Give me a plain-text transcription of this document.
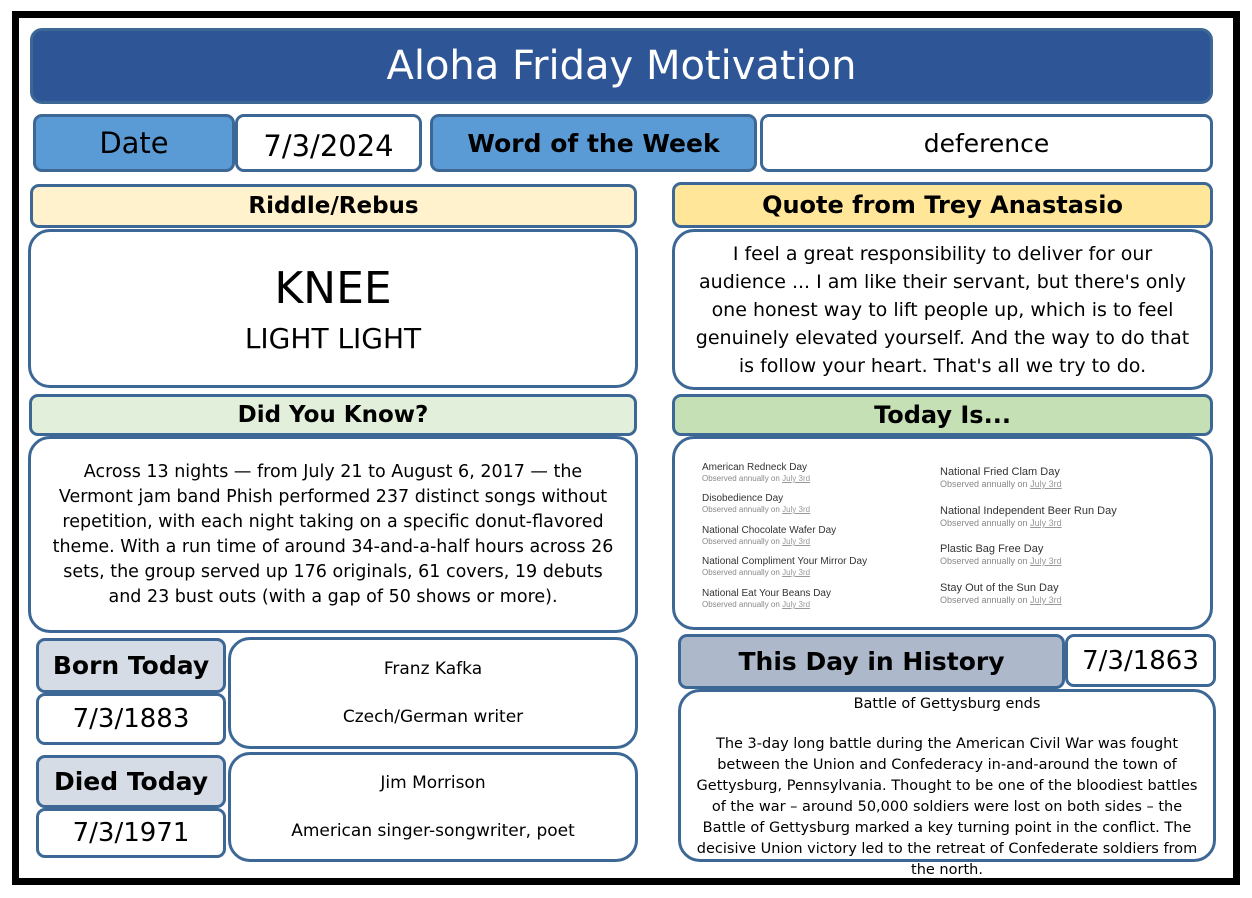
Aloha Friday Motivation
Date	7/3/2024	Word of the Week	deference
Riddle/Rebus
KNEE
LIGHT LIGHT
Quote from Trey Anastasio
I feel a great responsibility to deliver for our audience ... I am like their servant, but there's only one honest way to lift people up, which is to feel genuinely elevated yourself. And the way to do that is follow your heart. That's all we try to do.
Did You Know?
Across 13 nights — from July 21 to August 6, 2017 — the Vermont jam band Phish performed 237 distinct songs without repetition, with each night taking on a specific donut-flavored theme. With a run time of around 34-and-a-half hours across 26 sets, the group served up 176 originals, 61 covers, 19 debuts and 23 bust outs (with a gap of 50 shows or more).
Today Is...
American Redneck Day
Observed annually on July 3rd
Disobedience Day
Observed annually on July 3rd
National Chocolate Wafer Day
Observed annually on July 3rd
National Compliment Your Mirror Day
Observed annually on July 3rd
National Eat Your Beans Day
Observed annually on July 3rd
National Fried Clam Day
Observed annually on July 3rd
National Independent Beer Run Day
Observed annually on July 3rd
Plastic Bag Free Day
Observed annually on July 3rd
Stay Out of the Sun Day
Observed annually on July 3rd
Born Today
7/3/1883
Franz Kafka
Czech/German writer
Died Today
7/3/1971
Jim Morrison
American singer-songwriter, poet
This Day in History	7/3/1863
Battle of Gettysburg ends
The 3-day long battle during the American Civil War was fought between the Union and Confederacy in-and-around the town of Gettysburg, Pennsylvania. Thought to be one of the bloodiest battles of the war – around 50,000 soldiers were lost on both sides – the Battle of Gettysburg marked a key turning point in the conflict. The decisive Union victory led to the retreat of Confederate soldiers from the north.
